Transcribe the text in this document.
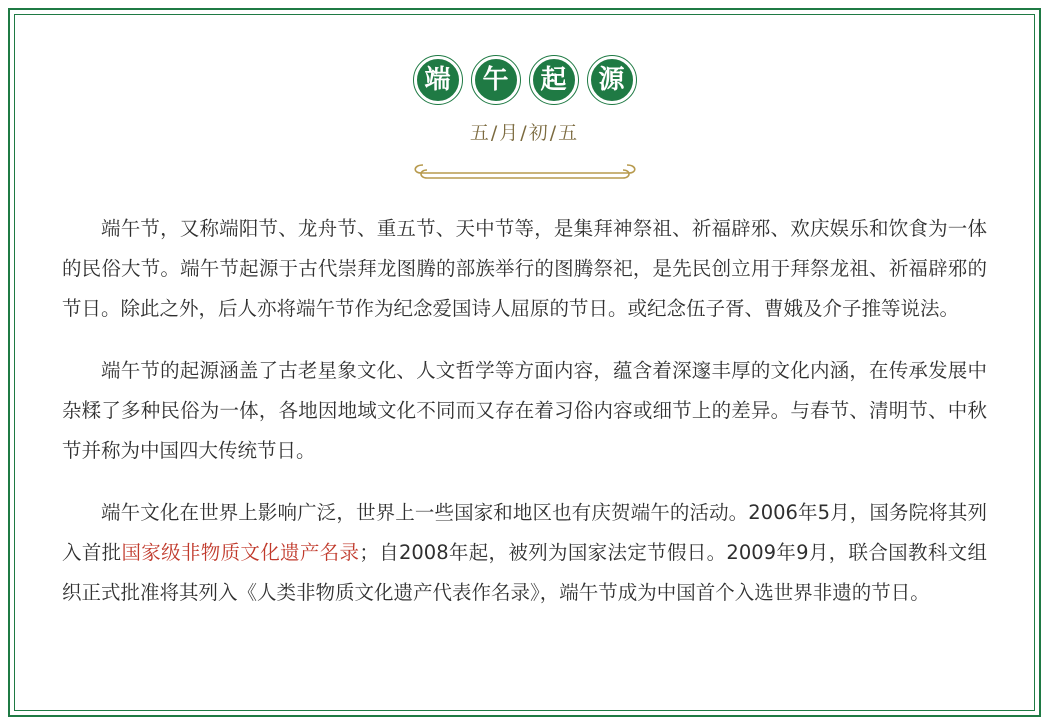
端	午	起	源
五/月/初/五

端午节，又称端阳节、龙舟节、重五节、天中节等，是集拜神祭祖、祈福辟邪、欢庆娱乐和饮食为一体的民俗大节。端午节起源于古代崇拜龙图腾的部族举行的图腾祭祀，是先民创立用于拜祭龙祖、祈福辟邪的节日。除此之外，后人亦将端午节作为纪念爱国诗人屈原的节日。或纪念伍子胥、曹娥及介子推等说法。

端午节的起源涵盖了古老星象文化、人文哲学等方面内容，蕴含着深邃丰厚的文化内涵，在传承发展中杂糅了多种民俗为一体，各地因地域文化不同而又存在着习俗内容或细节上的差异。与春节、清明节、中秋节并称为中国四大传统节日。

端午文化在世界上影响广泛，世界上一些国家和地区也有庆贺端午的活动。2006年5月，国务院将其列入首批国家级非物质文化遗产名录；自2008年起，被列为国家法定节假日。2009年9月，联合国教科文组织正式批准将其列入《人类非物质文化遗产代表作名录》，端午节成为中国首个入选世界非遗的节日。
